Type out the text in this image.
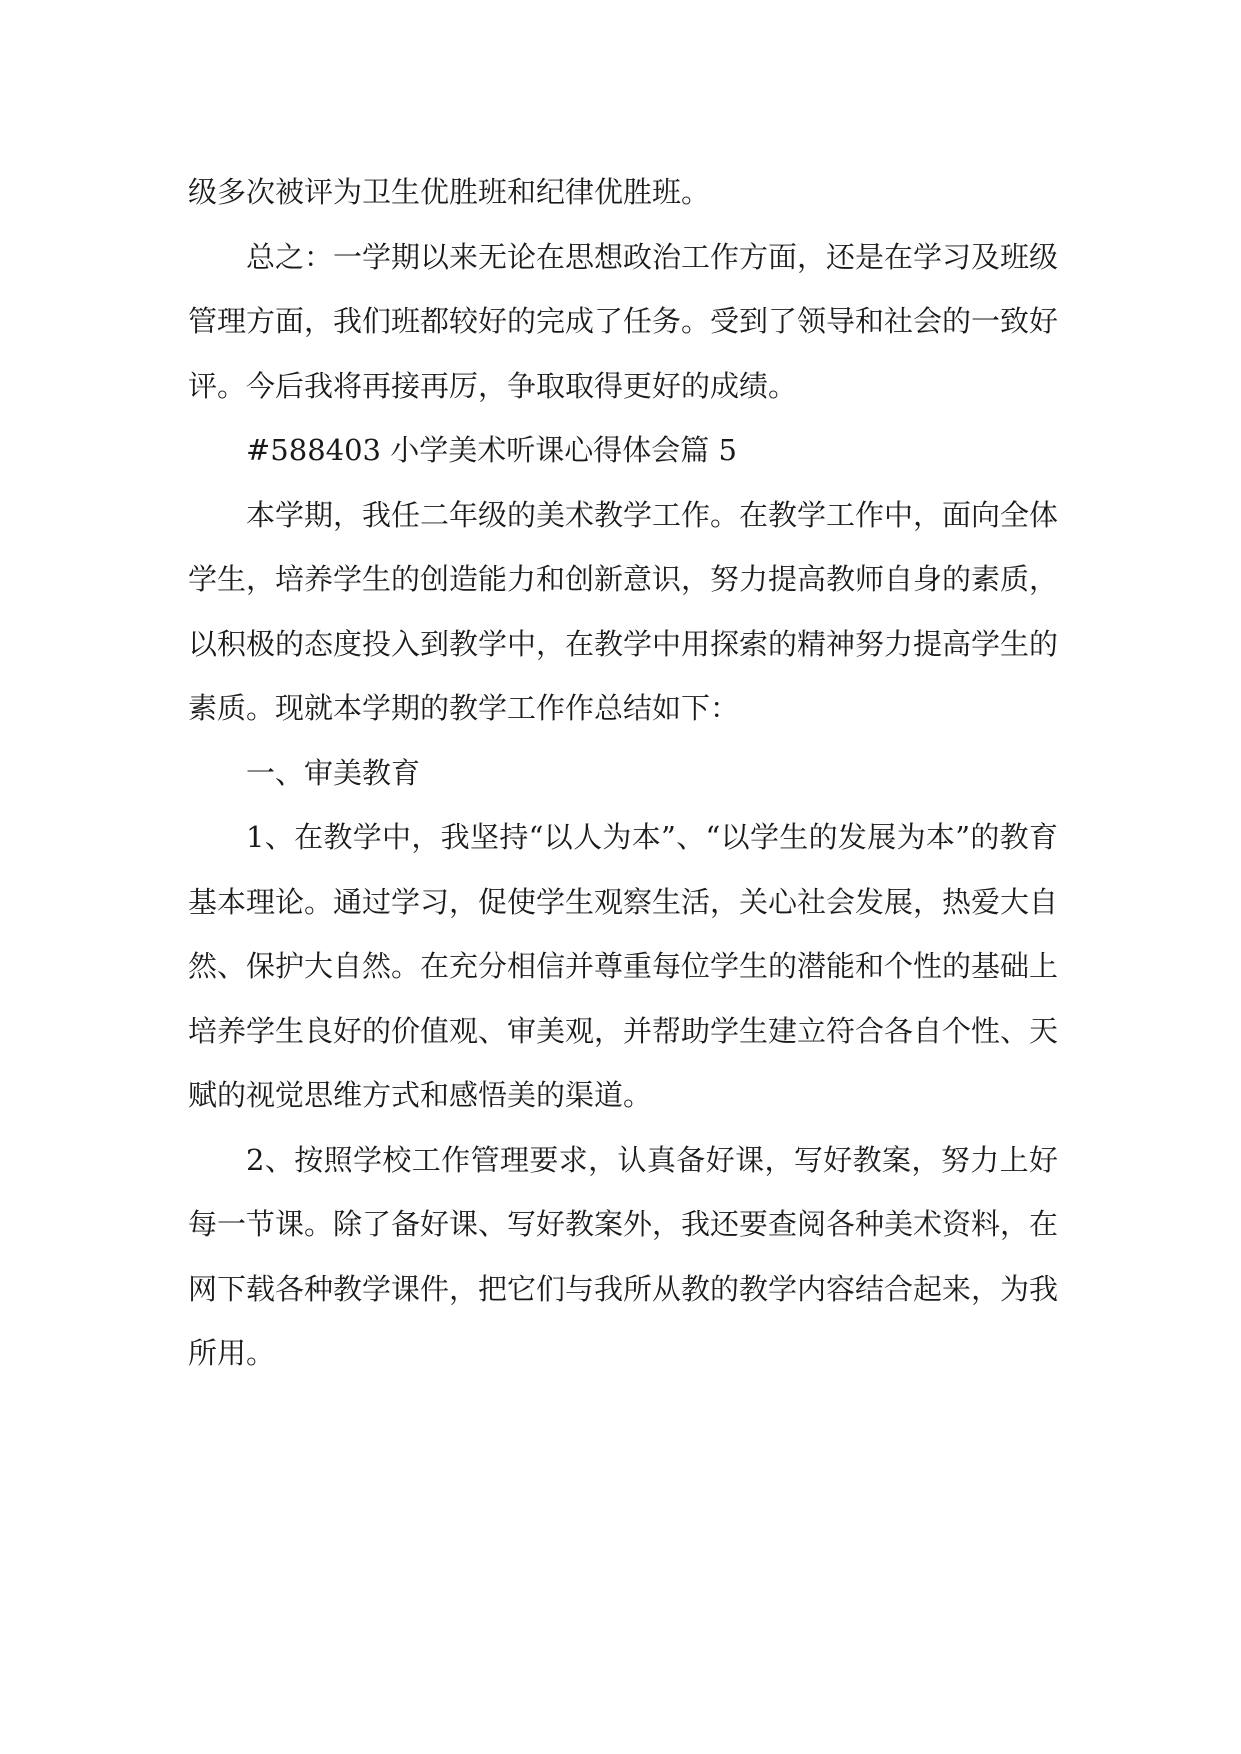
级多次被评为卫生优胜班和纪律优胜班。

总之：一学期以来无论在思想政治工作方面，还是在学习及班级管理方面，我们班都较好的完成了任务。受到了领导和社会的一致好评。今后我将再接再厉，争取取得更好的成绩。

#588403 小学美术听课心得体会篇 5

本学期，我任二年级的美术教学工作。在教学工作中，面向全体学生，培养学生的创造能力和创新意识，努力提高教师自身的素质，以积极的态度投入到教学中，在教学中用探索的精神努力提高学生的素质。现就本学期的教学工作作总结如下：

一、审美教育

1、在教学中，我坚持“以人为本”、“以学生的发展为本”的教育基本理论。通过学习，促使学生观察生活，关心社会发展，热爱大自然、保护大自然。在充分相信并尊重每位学生的潜能和个性的基础上培养学生良好的价值观、审美观，并帮助学生建立符合各自个性、天赋的视觉思维方式和感悟美的渠道。

2、按照学校工作管理要求，认真备好课，写好教案，努力上好每一节课。除了备好课、写好教案外，我还要查阅各种美术资料，在网下载各种教学课件，把它们与我所从教的教学内容结合起来，为我所用。
